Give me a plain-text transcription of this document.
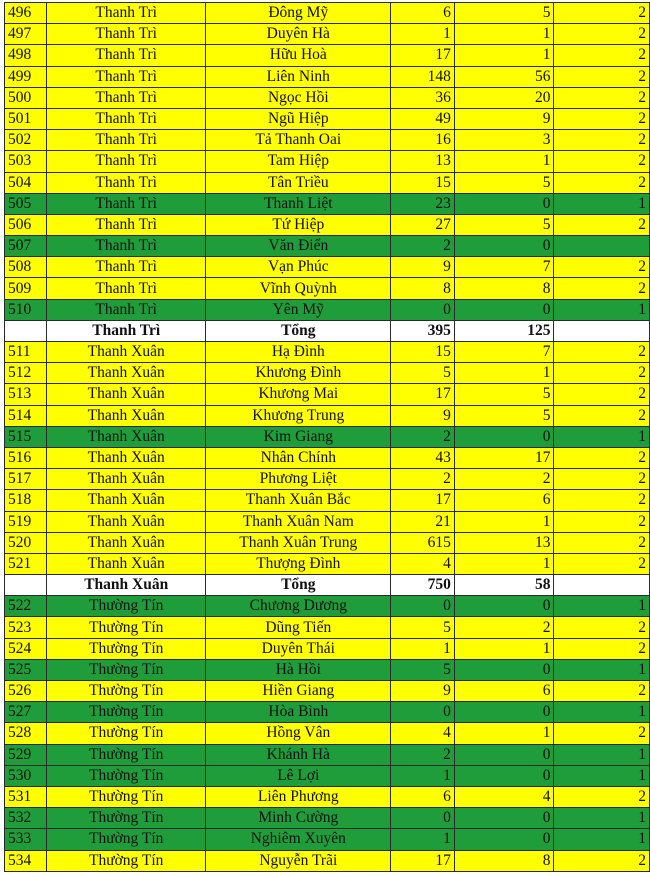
496	Thanh Trì	Đông Mỹ	6	5	2
497	Thanh Trì	Duyên Hà	1	1	2
498	Thanh Trì	Hữu Hoà	17	1	2
499	Thanh Trì	Liên Ninh	148	56	2
500	Thanh Trì	Ngọc Hồi	36	20	2
501	Thanh Trì	Ngũ Hiệp	49	9	2
502	Thanh Trì	Tả Thanh Oai	16	3	2
503	Thanh Trì	Tam Hiệp	13	1	2
504	Thanh Trì	Tân Triều	15	5	2
505	Thanh Trì	Thanh Liệt	23	0	1
506	Thanh Trì	Tứ Hiệp	27	5	2
507	Thanh Trì	Văn Điển	2	0	
508	Thanh Trì	Vạn Phúc	9	7	2
509	Thanh Trì	Vĩnh Quỳnh	8	8	2
510	Thanh Trì	Yên Mỹ	0	0	1
	Thanh Trì	Tổng	395	125	
511	Thanh Xuân	Hạ Đình	15	7	2
512	Thanh Xuân	Khương Đình	5	1	2
513	Thanh Xuân	Khương Mai	17	5	2
514	Thanh Xuân	Khương Trung	9	5	2
515	Thanh Xuân	Kim Giang	2	0	1
516	Thanh Xuân	Nhân Chính	43	17	2
517	Thanh Xuân	Phương Liệt	2	2	2
518	Thanh Xuân	Thanh Xuân Bắc	17	6	2
519	Thanh Xuân	Thanh Xuân Nam	21	1	2
520	Thanh Xuân	Thanh Xuân Trung	615	13	2
521	Thanh Xuân	Thượng Đình	4	1	2
	Thanh Xuân	Tổng	750	58	
522	Thường Tín	Chương Dương	0	0	1
523	Thường Tín	Dũng Tiến	5	2	2
524	Thường Tín	Duyên Thái	1	1	2
525	Thường Tín	Hà Hồi	5	0	1
526	Thường Tín	Hiền Giang	9	6	2
527	Thường Tín	Hòa Bình	0	0	1
528	Thường Tín	Hồng Vân	4	1	2
529	Thường Tín	Khánh Hà	2	0	1
530	Thường Tín	Lê Lợi	1	0	1
531	Thường Tín	Liên Phương	6	4	2
532	Thường Tín	Minh Cường	0	0	1
533	Thường Tín	Nghiêm Xuyên	1	0	1
534	Thường Tín	Nguyễn Trãi	17	8	2
